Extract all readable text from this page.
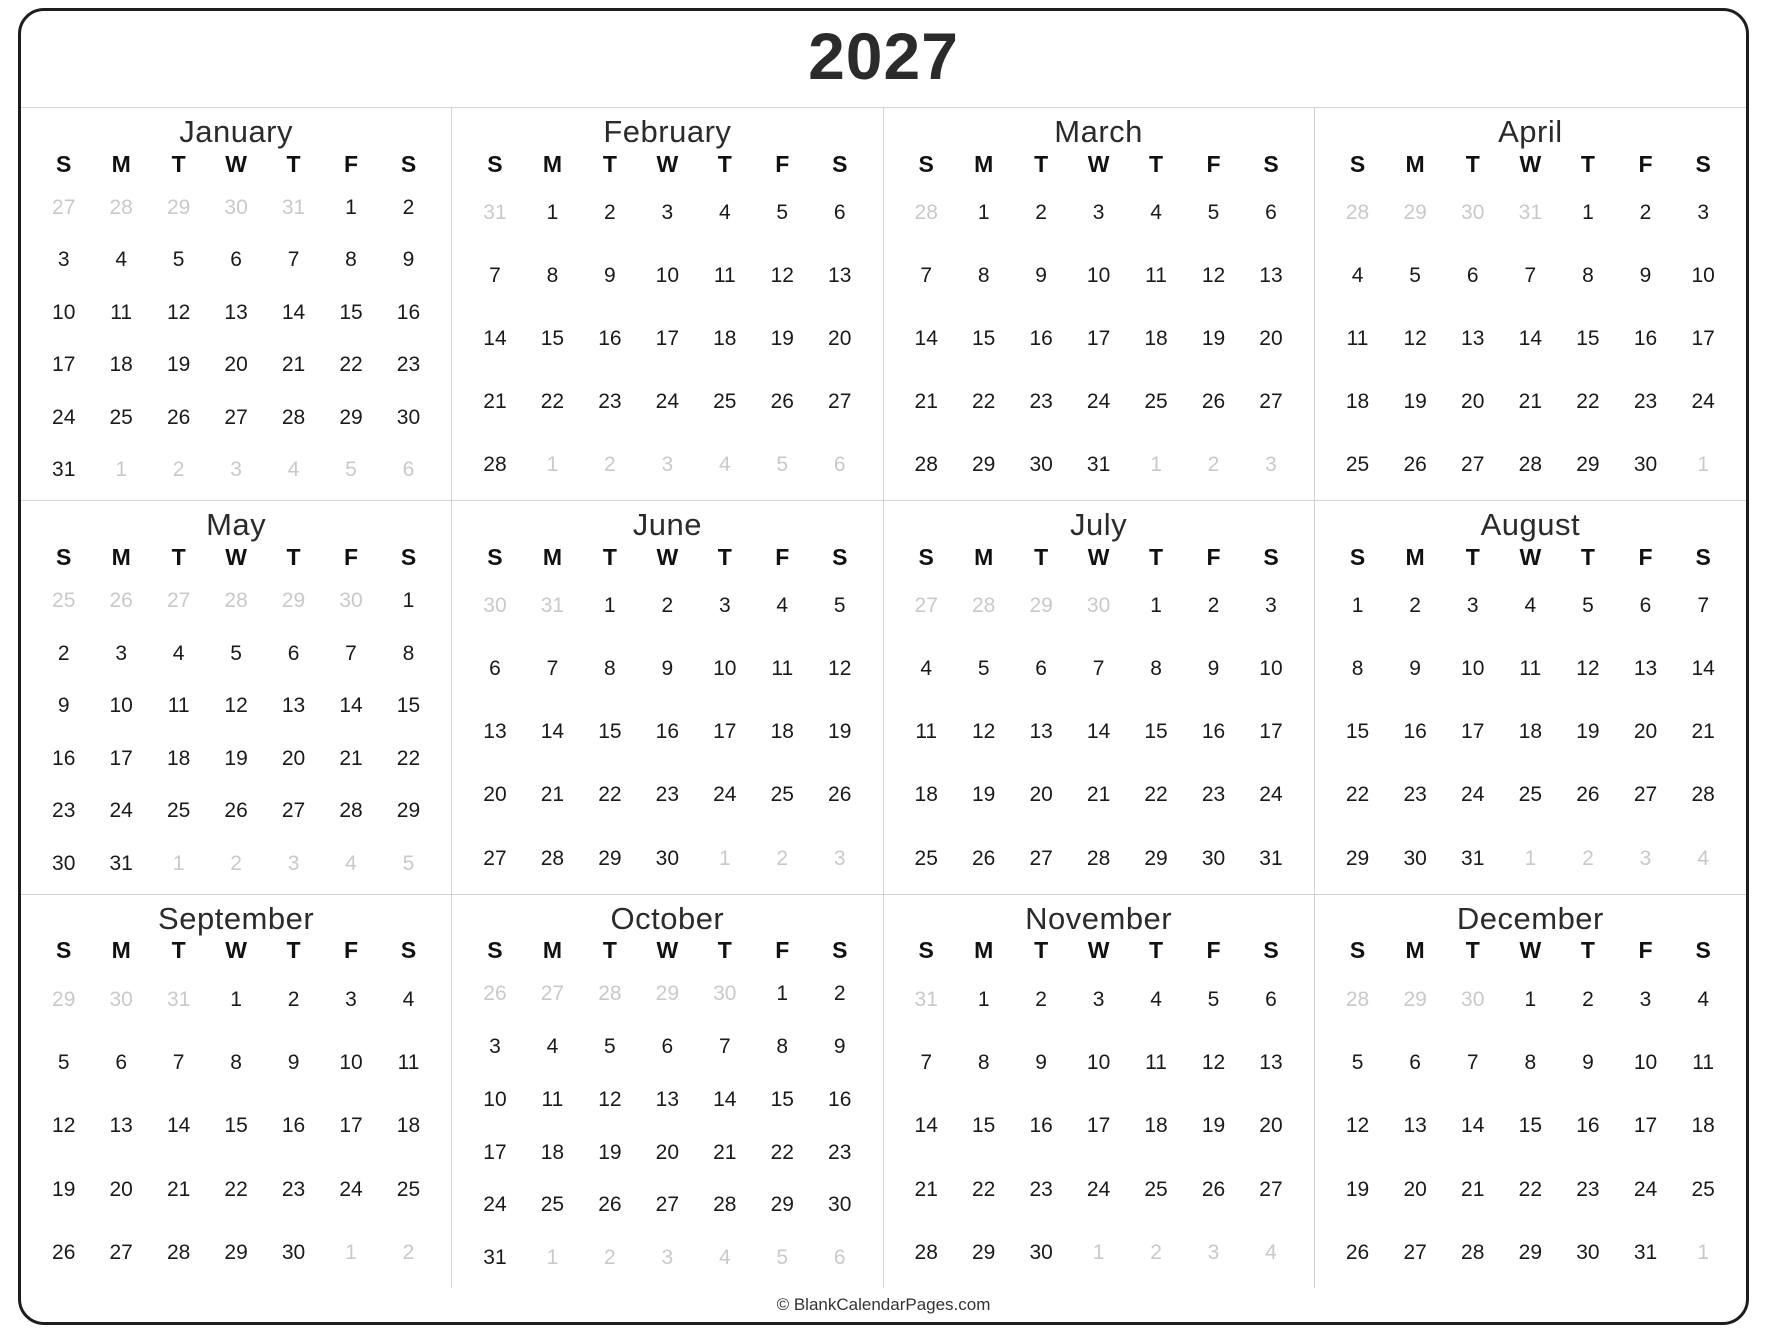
2027
January
S	M	T	W	T	F	S
27	28	29	30	31	1	2
3	4	5	6	7	8	9
10	11	12	13	14	15	16
17	18	19	20	21	22	23
24	25	26	27	28	29	30
31	1	2	3	4	5	6
February
S	M	T	W	T	F	S
31	1	2	3	4	5	6
7	8	9	10	11	12	13
14	15	16	17	18	19	20
21	22	23	24	25	26	27
28	1	2	3	4	5	6
March
S	M	T	W	T	F	S
28	1	2	3	4	5	6
7	8	9	10	11	12	13
14	15	16	17	18	19	20
21	22	23	24	25	26	27
28	29	30	31	1	2	3
April
S	M	T	W	T	F	S
28	29	30	31	1	2	3
4	5	6	7	8	9	10
11	12	13	14	15	16	17
18	19	20	21	22	23	24
25	26	27	28	29	30	1
May
S	M	T	W	T	F	S
25	26	27	28	29	30	1
2	3	4	5	6	7	8
9	10	11	12	13	14	15
16	17	18	19	20	21	22
23	24	25	26	27	28	29
30	31	1	2	3	4	5
June
S	M	T	W	T	F	S
30	31	1	2	3	4	5
6	7	8	9	10	11	12
13	14	15	16	17	18	19
20	21	22	23	24	25	26
27	28	29	30	1	2	3
July
S	M	T	W	T	F	S
27	28	29	30	1	2	3
4	5	6	7	8	9	10
11	12	13	14	15	16	17
18	19	20	21	22	23	24
25	26	27	28	29	30	31
August
S	M	T	W	T	F	S
1	2	3	4	5	6	7
8	9	10	11	12	13	14
15	16	17	18	19	20	21
22	23	24	25	26	27	28
29	30	31	1	2	3	4
September
S	M	T	W	T	F	S
29	30	31	1	2	3	4
5	6	7	8	9	10	11
12	13	14	15	16	17	18
19	20	21	22	23	24	25
26	27	28	29	30	1	2
October
S	M	T	W	T	F	S
26	27	28	29	30	1	2
3	4	5	6	7	8	9
10	11	12	13	14	15	16
17	18	19	20	21	22	23
24	25	26	27	28	29	30
31	1	2	3	4	5	6
November
S	M	T	W	T	F	S
31	1	2	3	4	5	6
7	8	9	10	11	12	13
14	15	16	17	18	19	20
21	22	23	24	25	26	27
28	29	30	1	2	3	4
December
S	M	T	W	T	F	S
28	29	30	1	2	3	4
5	6	7	8	9	10	11
12	13	14	15	16	17	18
19	20	21	22	23	24	25
26	27	28	29	30	31	1
© BlankCalendarPages.com
